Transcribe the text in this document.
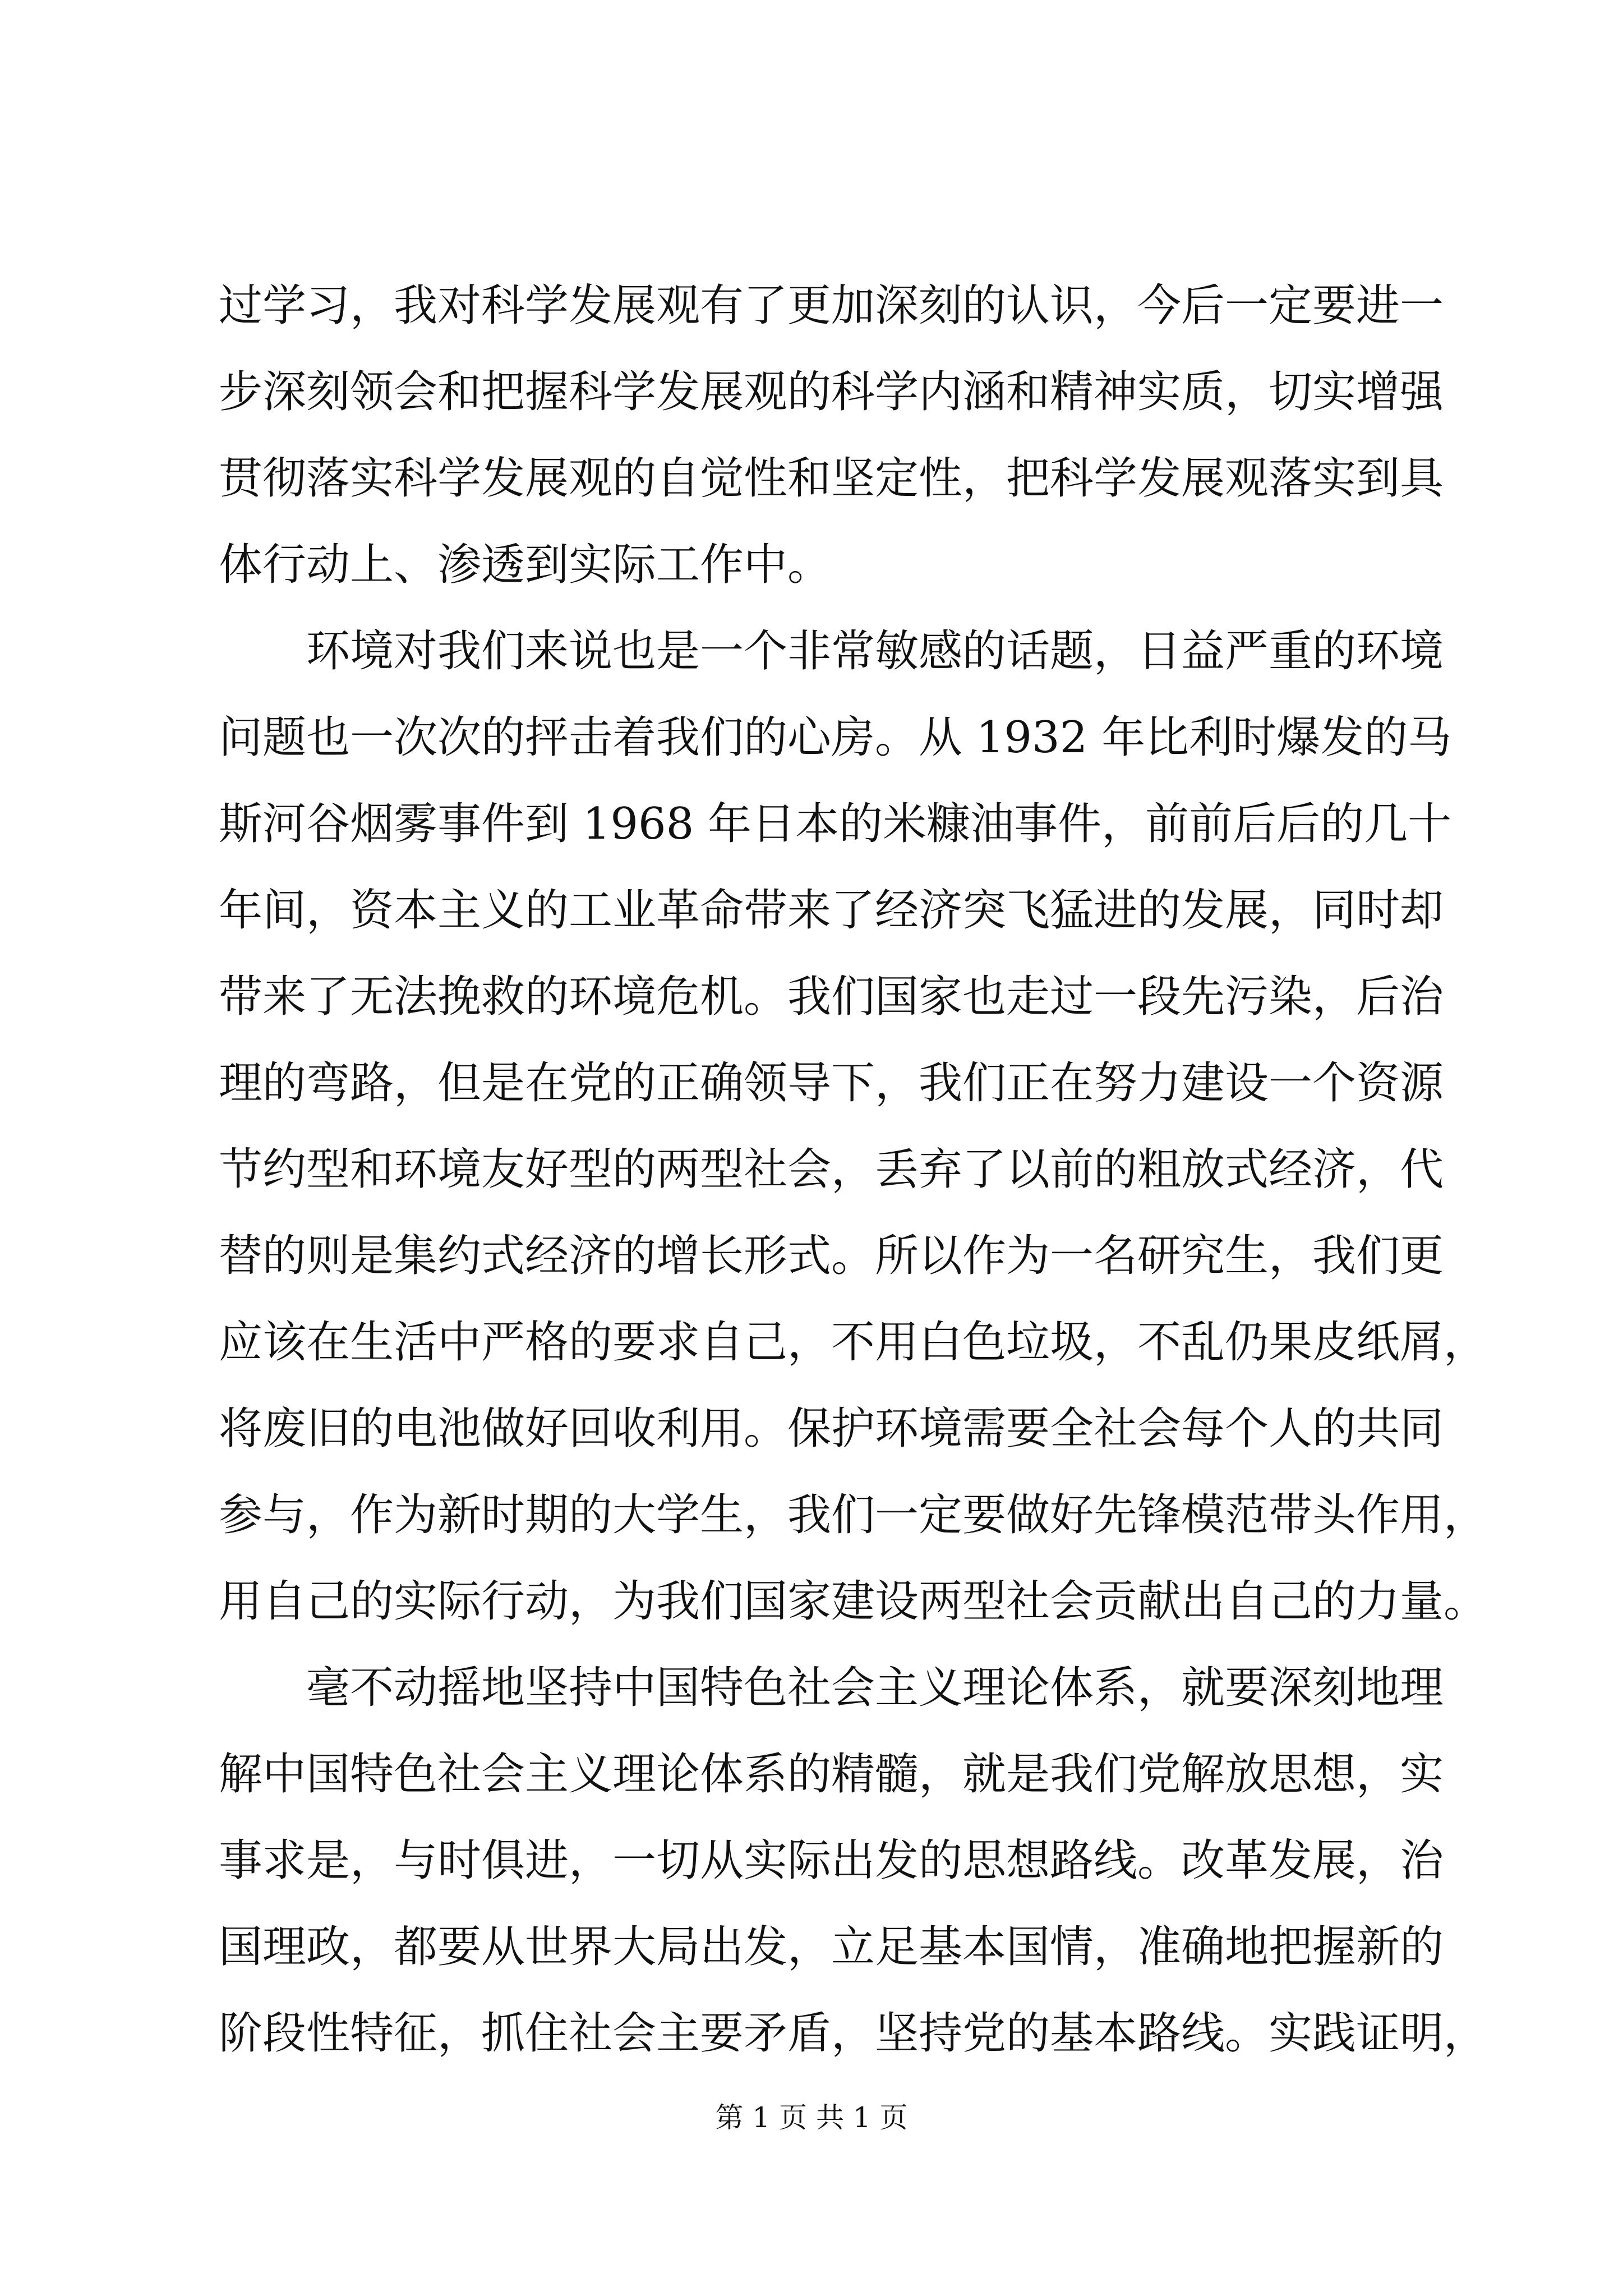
过学习，我对科学发展观有了更加深刻的认识，今后一定要进一
步深刻领会和把握科学发展观的科学内涵和精神实质，切实增强
贯彻落实科学发展观的自觉性和坚定性，把科学发展观落实到具
体行动上、渗透到实际工作中。
环境对我们来说也是一个非常敏感的话题，日益严重的环境
问题也一次次的抨击着我们的心房。从 1932 年比利时爆发的马
斯河谷烟雾事件到 1968 年日本的米糠油事件，前前后后的几十
年间，资本主义的工业革命带来了经济突飞猛进的发展，同时却
带来了无法挽救的环境危机。我们国家也走过一段先污染，后治
理的弯路，但是在党的正确领导下，我们正在努力建设一个资源
节约型和环境友好型的两型社会，丢弃了以前的粗放式经济，代
替的则是集约式经济的增长形式。所以作为一名研究生，我们更
应该在生活中严格的要求自己，不用白色垃圾，不乱仍果皮纸屑，
将废旧的电池做好回收利用。保护环境需要全社会每个人的共同
参与，作为新时期的大学生，我们一定要做好先锋模范带头作用，
用自己的实际行动，为我们国家建设两型社会贡献出自己的力量。
毫不动摇地坚持中国特色社会主义理论体系，就要深刻地理
解中国特色社会主义理论体系的精髓，就是我们党解放思想，实
事求是，与时俱进，一切从实际出发的思想路线。改革发展，治
国理政，都要从世界大局出发，立足基本国情，准确地把握新的
阶段性特征，抓住社会主要矛盾，坚持党的基本路线。实践证明，
第 1 页 共 1 页
